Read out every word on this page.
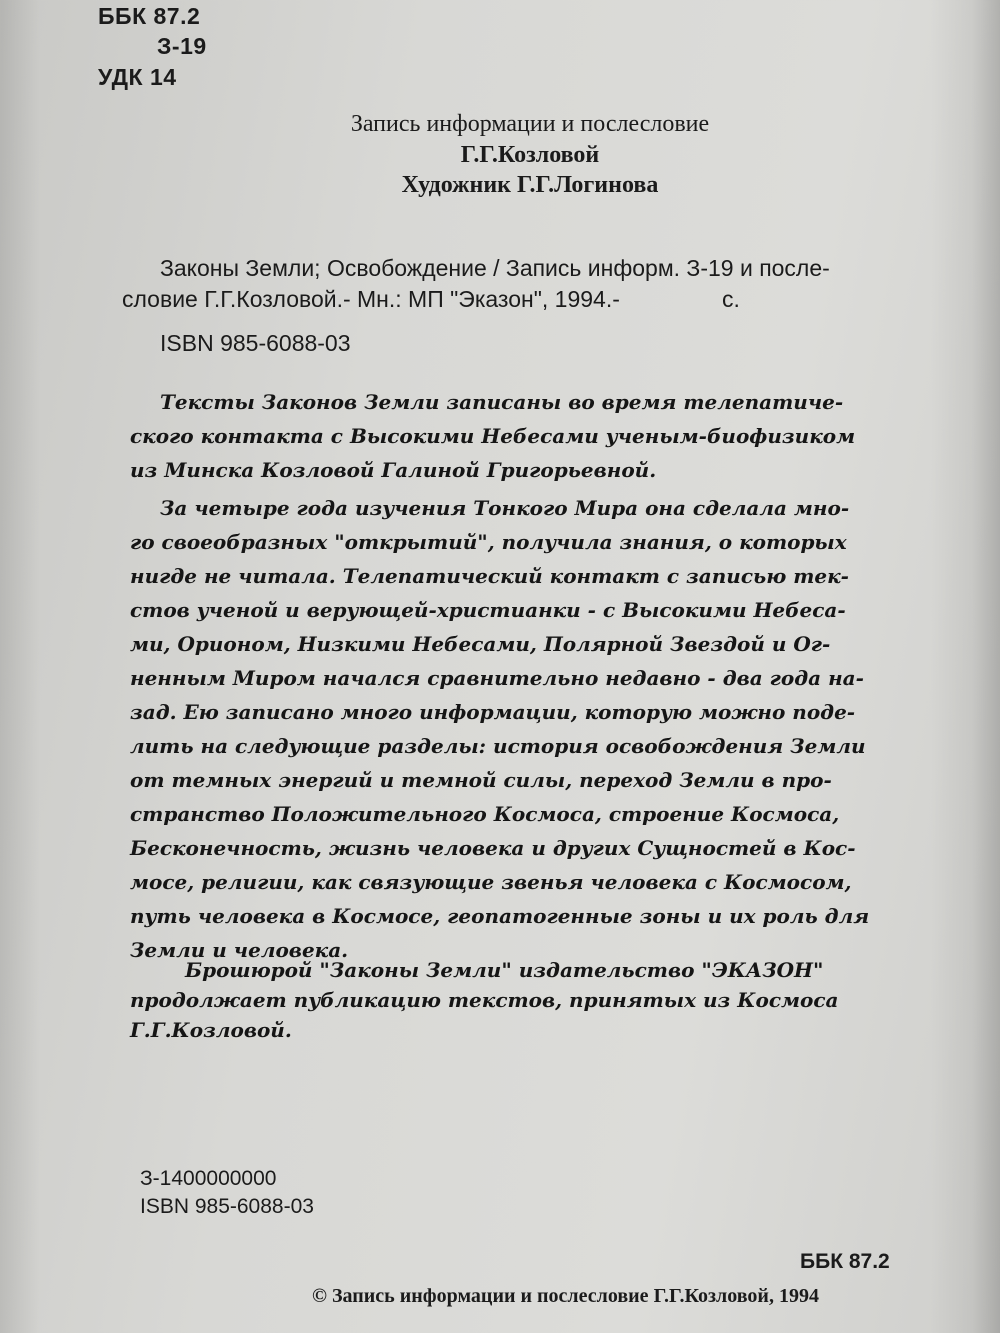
ББК 87.2
З-19
УДК 14
Запись информации и послесловие
Г.Г.Козловой
Художник Г.Г.Логинова
Законы Земли; Освобождение / Запись информ. З-19 и после-
словие Г.Г.Козловой.- Мн.: МП "Эказон", 1994.-	с.
ISBN 985-6088-03
Тексты Законов Земли записаны во время телепатиче-
ского контакта с Высокими Небесами ученым-биофизиком
из Минска Козловой Галиной Григорьевной.
За четыре года изучения Тонкого Мира она сделала мно-
го своеобразных "открытий", получила знания, о которых
нигде не читала. Телепатический контакт с записью тек-
стов ученой и верующей-христианки - с Высокими Небеса-
ми, Орионом, Низкими Небесами, Полярной Звездой и Ог-
ненным Миром начался сравнительно недавно - два года на-
зад. Ею записано много информации, которую можно поде-
лить на следующие разделы: история освобождения Земли
от темных энергий и темной силы, переход Земли в про-
странство Положительного Космоса, строение Космоса,
Бесконечность, жизнь человека и других Сущностей в Кос-
мосе, религии, как связующие звенья человека с Космосом,
путь человека в Космосе, геопатогенные зоны и их роль для
Земли и человека.
Брошюрой "Законы Земли" издательство "ЭКАЗОН"
продолжает публикацию текстов, принятых из Космоса
Г.Г.Козловой.
З-1400000000
ISBN 985-6088-03
ББК 87.2
© Запись информации и послесловие Г.Г.Козловой, 1994
